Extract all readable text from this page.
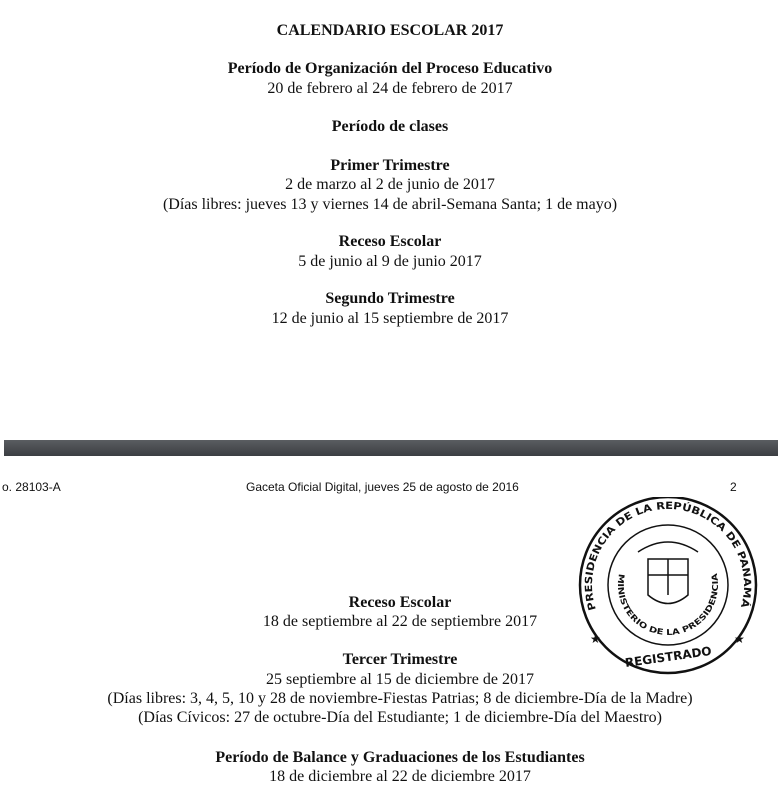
CALENDARIO ESCOLAR 2017
Período de Organización del Proceso Educativo
20 de febrero al 24 de febrero de 2017
Período de clases
Primer Trimestre
2 de marzo al 2 de junio de 2017
(Días libres: jueves 13 y viernes 14 de abril-Semana Santa; 1 de mayo)
Receso Escolar
5 de junio al 9 de junio 2017
Segundo Trimestre
12 de junio al 15 septiembre de 2017
o. 28103-A	Gaceta Oficial Digital, jueves 25 de agosto de 2016	2
PRESIDENCIA DE LA REPÚBLICA DE PANAMÁ
MINISTERIO DE LA PRESIDENCIA
REGISTRADO
★	★
Receso Escolar
18 de septiembre al 22 de septiembre 2017
Tercer Trimestre
25 septiembre al 15 de diciembre de 2017
(Días libres: 3, 4, 5, 10 y 28 de noviembre-Fiestas Patrias; 8 de diciembre-Día de la Madre)
(Días Cívicos: 27 de octubre-Día del Estudiante; 1 de diciembre-Día del Maestro)
Período de Balance y Graduaciones de los Estudiantes
18 de diciembre al 22 de diciembre 2017
